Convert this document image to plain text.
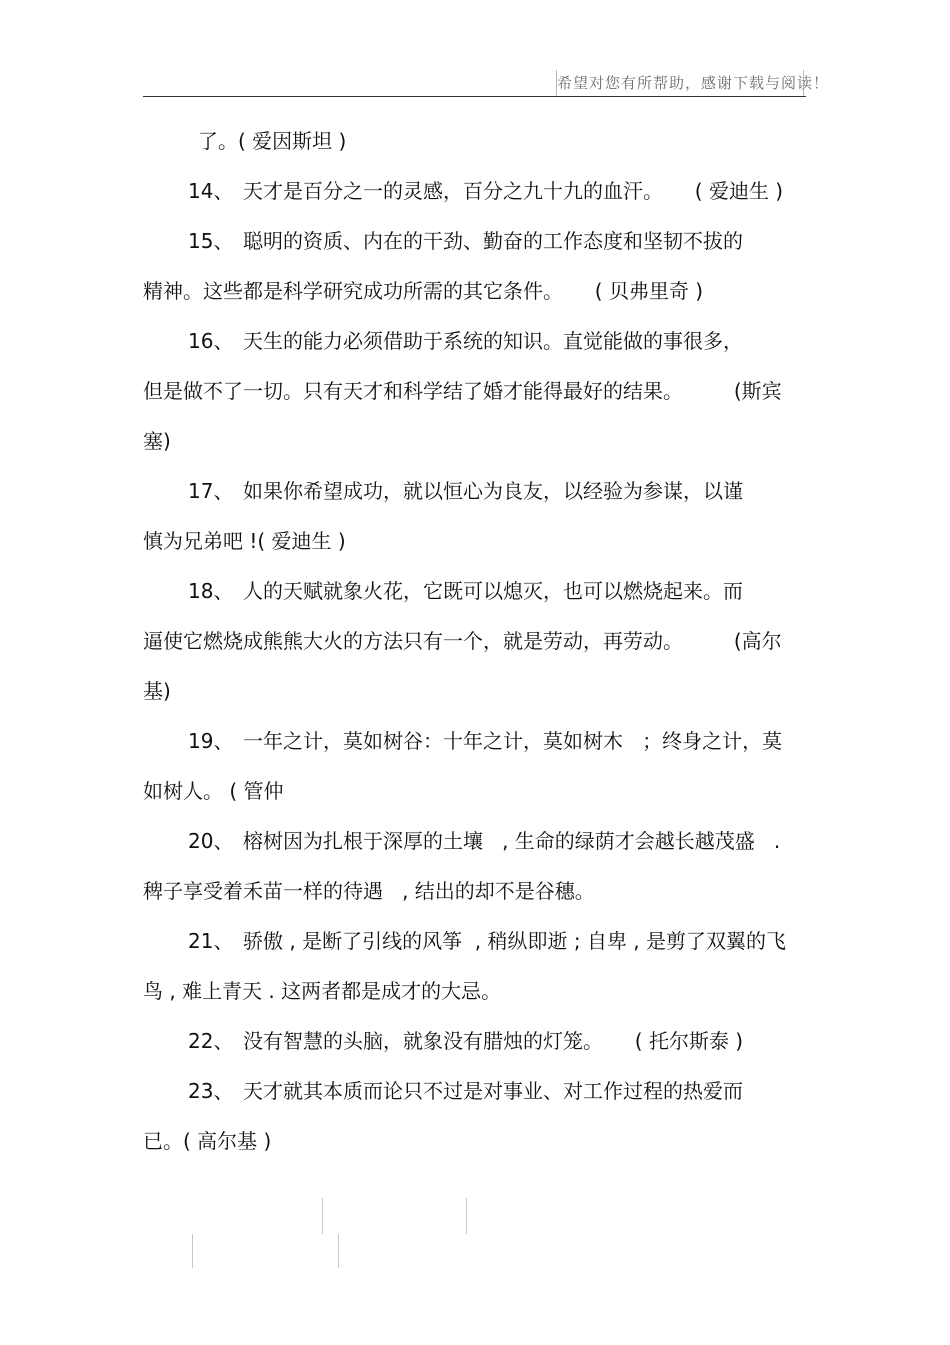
希望对您有所帮助，感谢下载与阅读！
了。( 爱因斯坦 )
14、 天才是百分之一的灵感，百分之九十九的血汗。     ( 爱迪生 )
15、 聪明的资质、内在的干劲、勤奋的工作态度和坚韧不拔的
精神。这些都是科学研究成功所需的其它条件。     ( 贝弗里奇 )
16、 天生的能力必须借助于系统的知识。直觉能做的事很多，
但是做不了一切。只有天才和科学结了婚才能得最好的结果。        (斯宾
塞)
17、 如果你希望成功，就以恒心为良友，以经验为参谋，以谨
慎为兄弟吧 !( 爱迪生 )
18、 人的天赋就象火花，它既可以熄灭，也可以燃烧起来。而
逼使它燃烧成熊熊大火的方法只有一个，就是劳动，再劳动。        (高尔
基)
19、 一年之计，莫如树谷：十年之计，莫如树木   ；终身之计，莫
如树人。 ( 管仲
20、 榕树因为扎根于深厚的土壤   , 生命的绿荫才会越长越茂盛   .
稗子享受着禾苗一样的待遇   , 结出的却不是谷穗。
21、 骄傲 , 是断了引线的风筝  , 稍纵即逝 ; 自卑 , 是剪了双翼的飞
鸟 , 难上青天 . 这两者都是成才的大忌。
22、 没有智慧的头脑，就象没有腊烛的灯笼。     ( 托尔斯泰 )
23、 天才就其本质而论只不过是对事业、对工作过程的热爱而
已。( 高尔基 )
